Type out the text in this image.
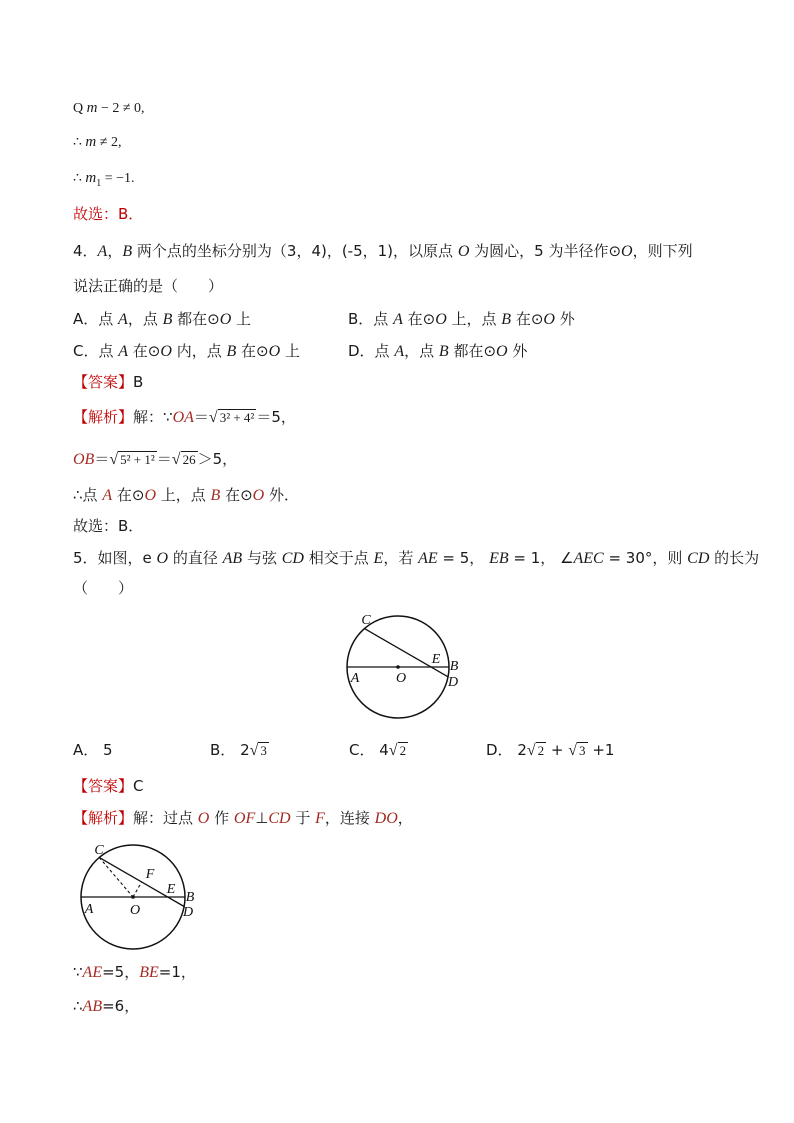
Q m − 2 ≠ 0,
∴ m ≠ 2,
∴ $m_1 = -1$.
故选：B．
4．A，B 两个点的坐标分别为（3，4)，(-5，1)，以原点 O 为圆心，5 为半径作⊙O，则下列
说法正确的是（　　）
A．点 A，点 B 都在⊙O 上	B．点 A 在⊙O 上，点 B 在⊙O 外
C．点 A 在⊙O 内，点 B 在⊙O 上	D．点 A，点 B 都在⊙O 外
【答案】B
【解析】解：∵OA＝√ 3² + 4² ＝5，
OB＝√ 5² + 1² ＝√ 26 ＞5，
∴点 A 在⊙O 上，点 B 在⊙O 外．
故选：B．
5．如图，e O 的直径 AB 与弦 CD 相交于点 E，若 AE = 5， EB = 1， ∠AEC = 30°，则 CD 的长为
（　　）
C
E B
A	O	D
A． 5	B． 2√ 3	C． 4√ 2	D． 2√ 2 + √ 3 +1
【答案】C
【解析】解：过点 O 作 OF⊥CD 于 F，连接 DO，
C
F
E
B
A	O	D
∵AE=5，BE=1，
∴AB=6，
